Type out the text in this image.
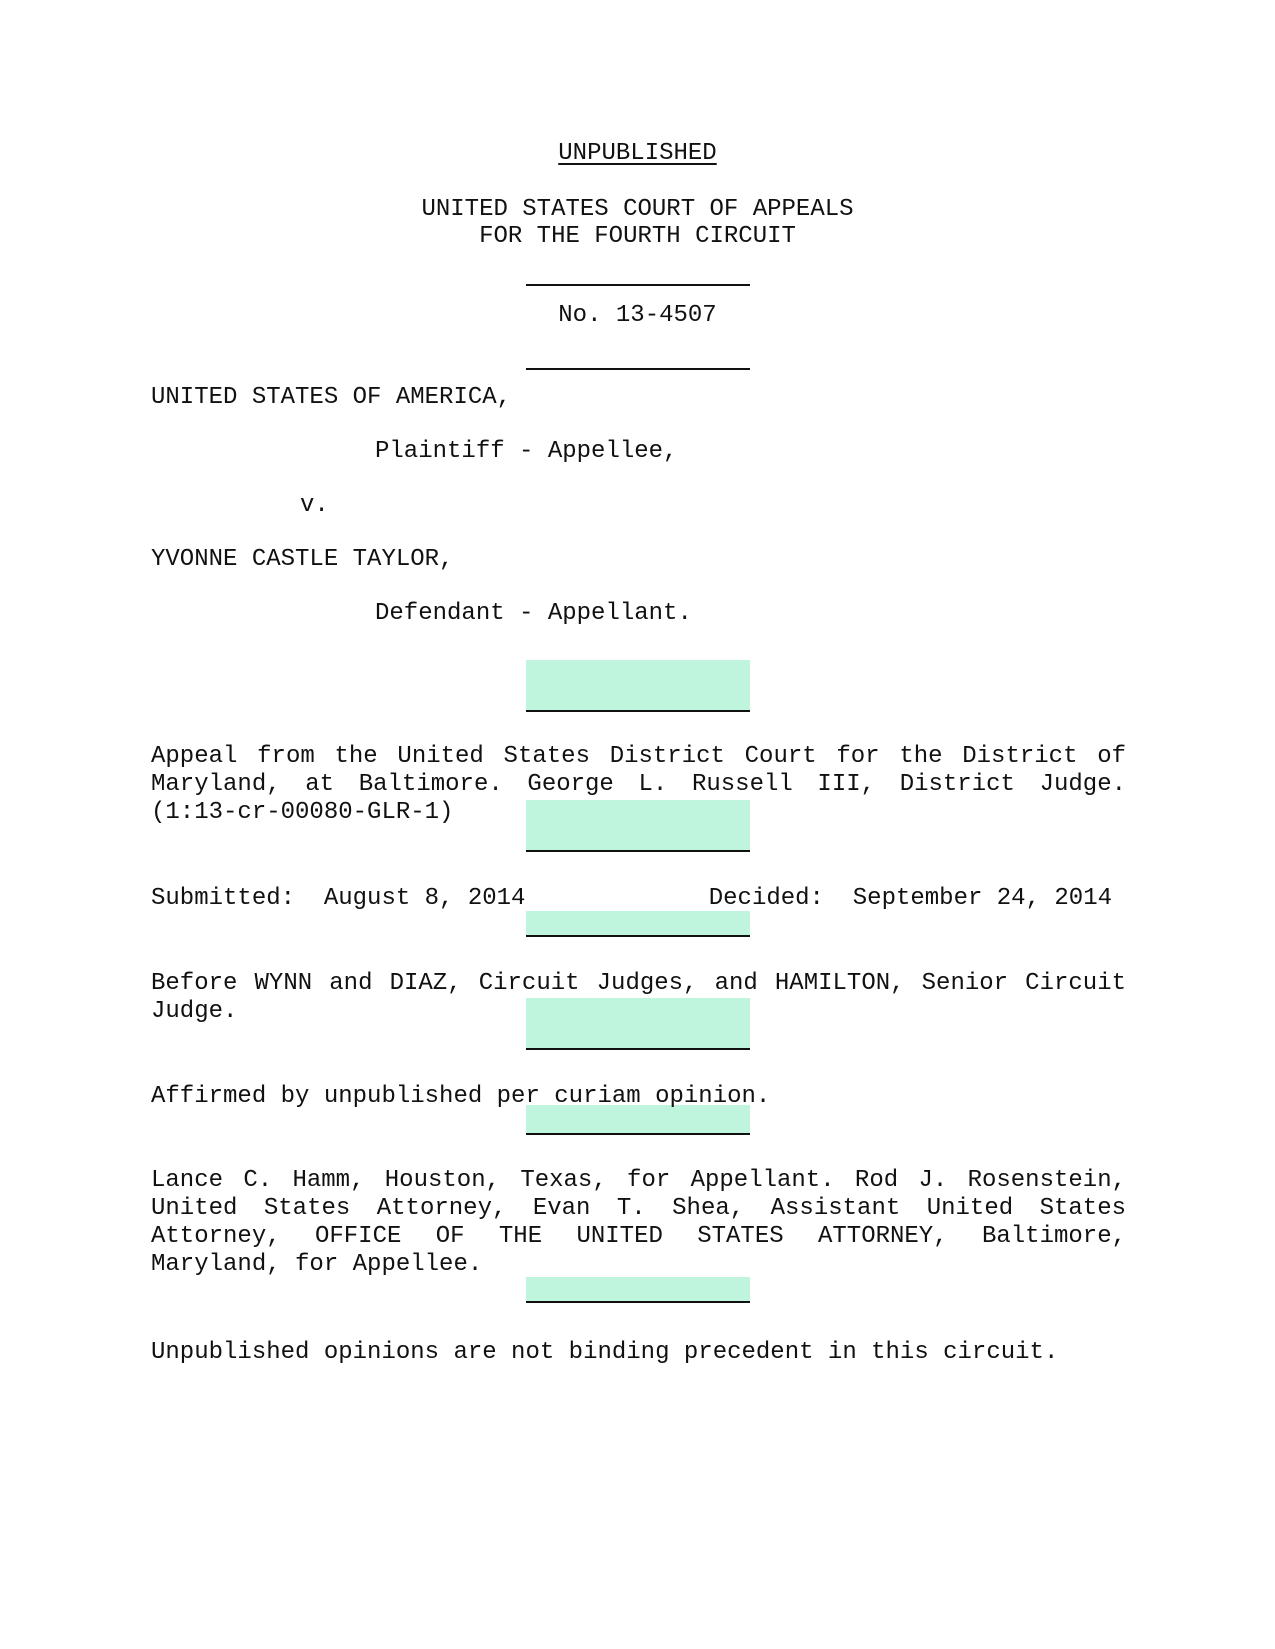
UNPUBLISHED
UNITED STATES COURT OF APPEALS
FOR THE FOURTH CIRCUIT
No. 13-4507
UNITED STATES OF AMERICA,
Plaintiff - Appellee,
v.
YVONNE CASTLE TAYLOR,
Defendant - Appellant.

Appeal from the United States District Court for the District of Maryland, at Baltimore. George L. Russell III, District Judge. (1:13-cr-00080-GLR-1)

Submitted:  August 8, 2014	Decided:  September 24, 2014

Before WYNN and DIAZ, Circuit Judges, and HAMILTON, Senior Circuit Judge.

Affirmed by unpublished per curiam opinion.

Lance C. Hamm, Houston, Texas, for Appellant. Rod J. Rosenstein, United States Attorney, Evan T. Shea, Assistant United States Attorney, OFFICE OF THE UNITED STATES ATTORNEY, Baltimore, Maryland, for Appellee.

Unpublished opinions are not binding precedent in this circuit.
